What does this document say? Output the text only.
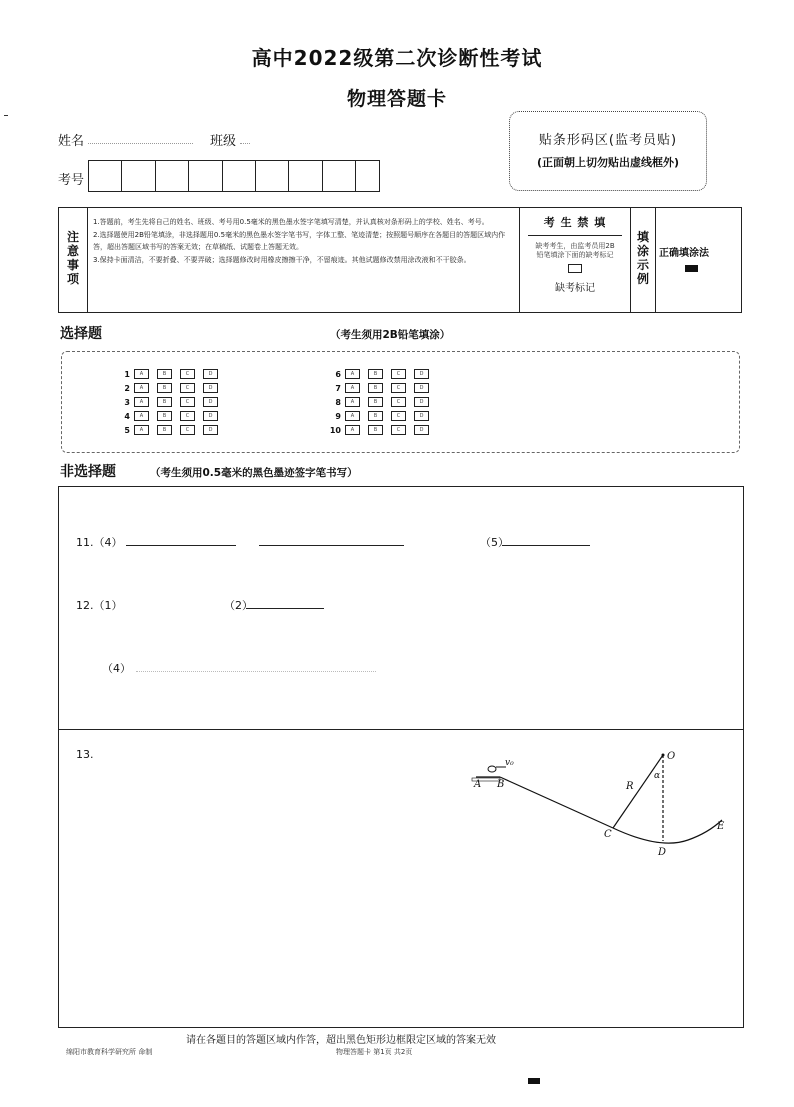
高中2022级第二次诊断性考试
物理答题卡
姓名	班级
考号
贴条形码区(监考员贴)
(正面朝上切勿贴出虚线框外)
注
意
事
项
1.答题前，考生先将自己的姓名、班级、考号用0.5毫米的黑色墨水签字笔填写清楚，并认真核对条形码上的学校、姓名、考号。
2.选择题使用2B铅笔填涂，非选择题用0.5毫米的黑色墨水签字笔书写，字体工整、笔迹清楚；按照题号顺序在各题目的答题区域内作答，超出答题区域书写的答案无效；在草稿纸、试题卷上答题无效。
3.保持卡面清洁，不要折叠、不要弄破；选择题修改时用橡皮擦擦干净，不留痕迹。其他试题修改禁用涂改液和不干胶条。
考 生 禁 填
缺考考生，由监考员用2B铅笔填涂下面的缺考标记
缺考标记
填
涂
示
例
正确填涂法
选择题	（考生须用2B铅笔填涂）
1	A	B	C	D
2	A	B	C	D
3	A	B	C	D
4	A	B	C	D
5	A	B	C	D
6	A	B	C	D
7	A	B	C	D
8	A	B	C	D
9	A	B	C	D
10	A	B	C	D
非选择题	（考生须用0.5毫米的黑色墨迹签字笔书写）
11.（4）	（5）
12.（1）	（2）
（4）
13.
A B
C
D
E
O
R
α
v₀
请在各题目的答题区域内作答，超出黑色矩形边框限定区域的答案无效
绵阳市教育科学研究所 命制	物理答题卡 第1页 共2页
